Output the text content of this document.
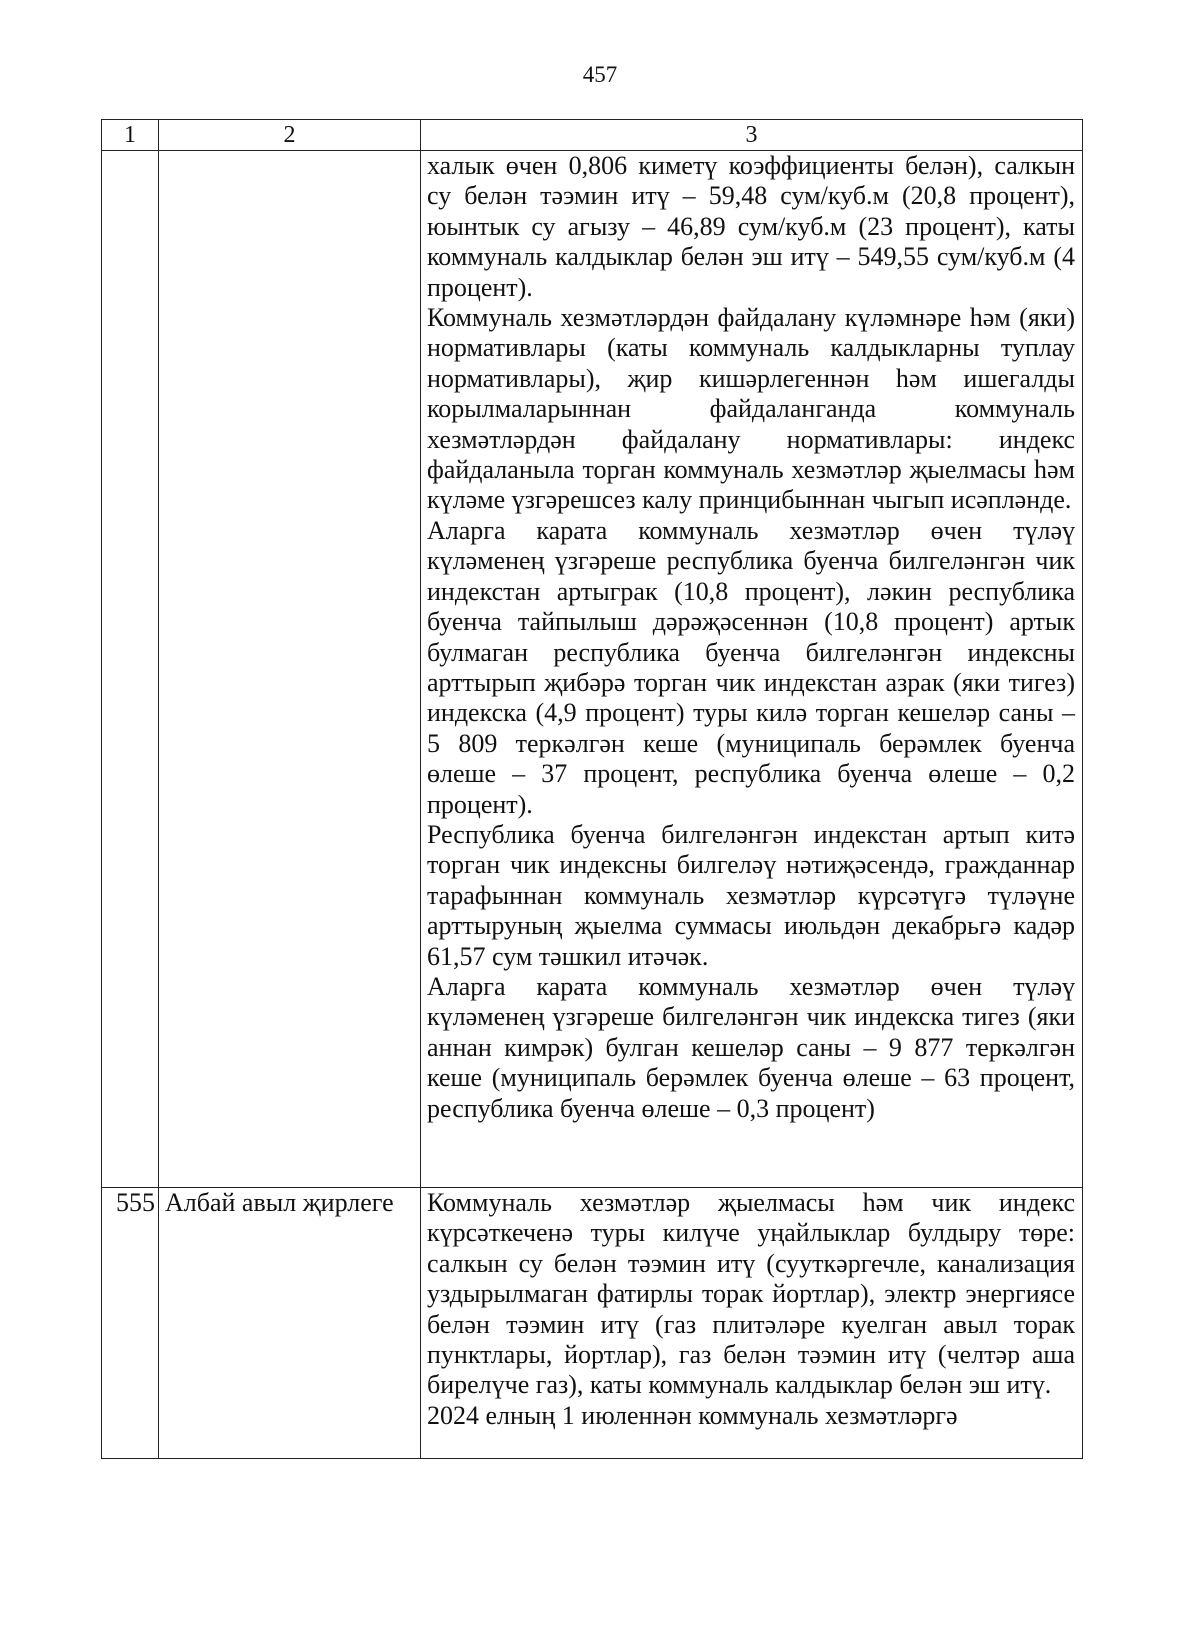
457
1	2	3

		халык өчен 0,806 киметү коэффициенты белән), салкын су белән тәэмин итү – 59,48 сум/куб.м (20,8 процент), юынтык су агызу – 46,89 сум/куб.м (23 процент), каты коммуналь калдыклар белән эш итү – 549,55 сум/куб.м (4 процент).

Коммуналь хезмәтләрдән файдалану күләмнәре һәм (яки) нормативлары (каты коммуналь калдыкларны туплау нормативлары), җир кишәрлегеннән һәм ишегалды корылмаларыннан файдаланганда коммуналь хезмәтләрдән файдалану нормативлары: индекс файдаланыла торган коммуналь хезмәтләр җыелмасы һәм күләме үзгәрешсез калу принцибыннан чыгып исәпләнде.

Аларга карата коммуналь хезмәтләр өчен түләү күләменең үзгәреше республика буенча билгеләнгән чик индекстан артыграк (10,8 процент), ләкин республика буенча тайпылыш дәрәҗәсеннән (10,8 процент) артык булмаган республика буенча билгеләнгән индексны арттырып җибәрә торган чик индекстан азрак (яки тигез) индекска (4,9 процент) туры килә торган кешеләр саны – 5 809 теркәлгән кеше (муниципаль берәмлек буенча өлеше – 37 процент, республика буенча өлеше – 0,2 процент).

Республика буенча билгеләнгән индекстан артып китә торган чик индексны билгеләү нәтиҗәсендә, гражданнар тарафыннан коммуналь хезмәтләр күрсәтүгә түләүне арттыруның җыелма суммасы июльдән декабрьгә кадәр 61,57 сум тәшкил итәчәк.

Аларга карата коммуналь хезмәтләр өчен түләү күләменең үзгәреше билгеләнгән чик индекска тигез (яки аннан кимрәк) булган кешеләр саны – 9 877 теркәлгән кеше (муниципаль берәмлек буенча өлеше – 63 процент, республика буенча өлеше – 0,3 процент)

555	Албай авыл җирлеге	Коммуналь хезмәтләр җыелмасы һәм чик индекс күрсәткеченә туры килүче уңайлыклар булдыру төре: салкын су белән тәэмин итү (сууткәргечле, канализация уздырылмаган фатирлы торак йортлар), электр энергиясе белән тәэмин итү (газ плитәләре куелган авыл торак пунктлары, йортлар), газ белән тәэмин итү (челтәр аша бирелүче газ), каты коммуналь калдыклар белән эш итү.

2024 елның 1 июленнән коммуналь хезмәтләргә
